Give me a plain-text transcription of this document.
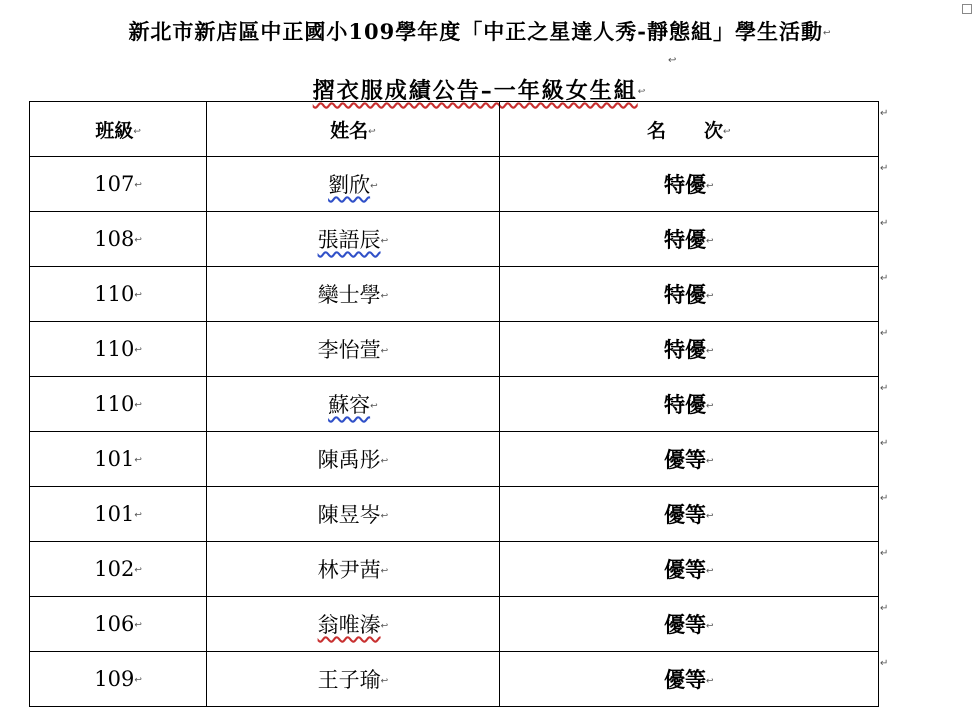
新北市新店區中正國小109學年度「中正之星達人秀-靜態組」學生活動↩
↩
摺衣服成績公告–一年級女生組↩
班級↩	姓名↩	名　　次↩
107↩	劉欣↩	特優↩
108↩	張語辰↩	特優↩
110↩	欒士學↩	特優↩
110↩	李怡萱↩	特優↩
110↩	蘇容↩	特優↩
101↩	陳禹彤↩	優等↩
101↩	陳昱岑↩	優等↩
102↩	林尹茜↩	優等↩
106↩	翁唯溱↩	優等↩
109↩	王子瑜↩	優等↩
↵
↵
↵
↵
↵
↵
↵
↵
↵
↵
↵
